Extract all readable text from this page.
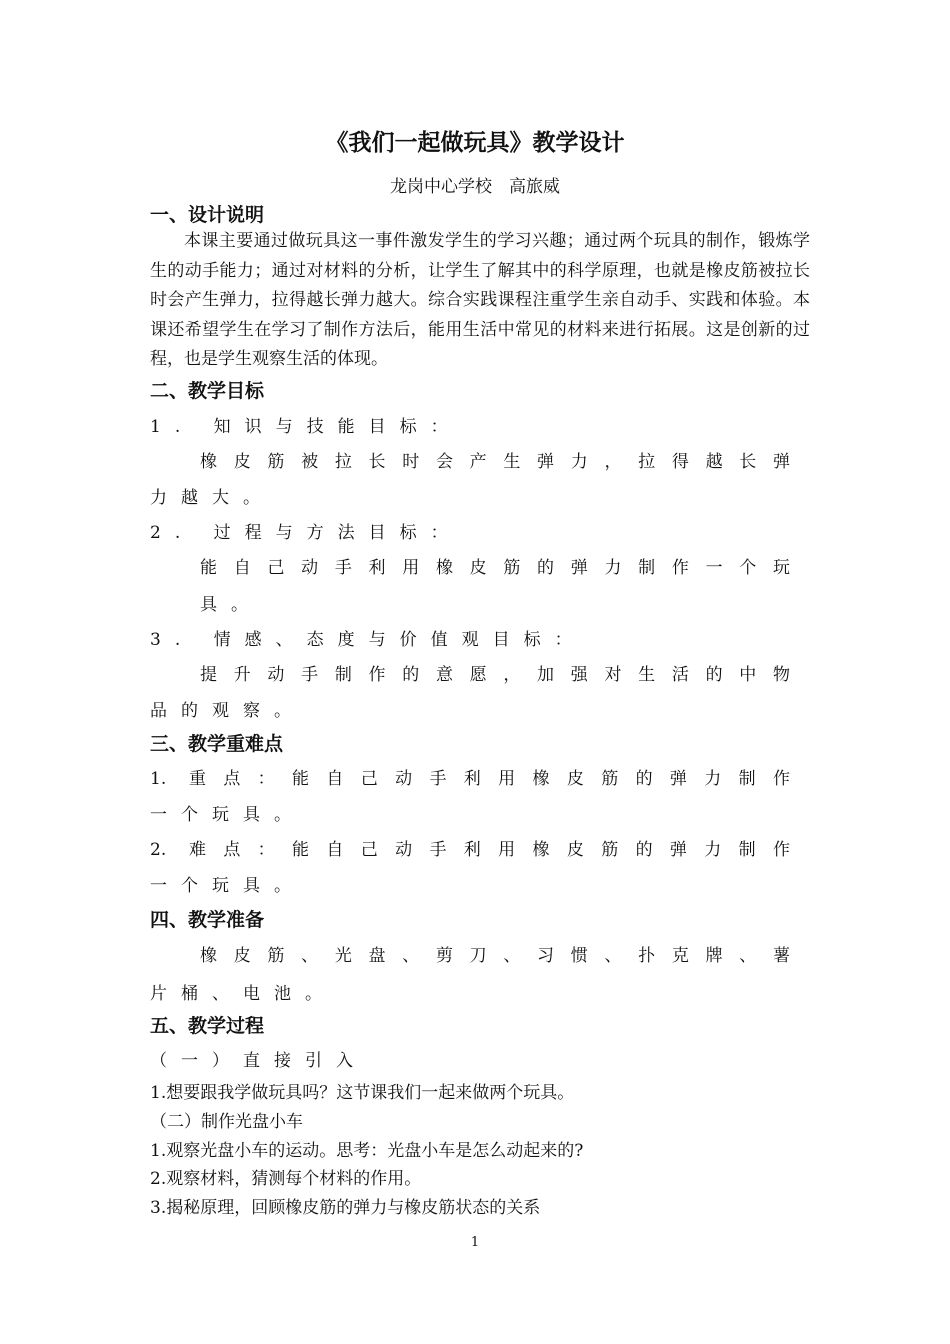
《我们一起做玩具》教学设计
龙岗中心学校　高旅威
一、设计说明
本课主要通过做玩具这一事件激发学生的学习兴趣；通过两个玩具的制作，锻炼学生的动手能力；通过对材料的分析，让学生了解其中的科学原理，也就是橡皮筋被拉长时会产生弹力，拉得越长弹力越大。综合实践课程注重学生亲自动手、实践和体验。本课还希望学生在学习了制作方法后，能用生活中常见的材料来进行拓展。这是创新的过程，也是学生观察生活的体现。
二、教学目标
1. 知识与技能目标：
橡皮筋被拉长时会产生弹力，拉得越长弹
力越大。
2. 过程与方法目标：
能自己动手利用橡皮筋的弹力制作一个玩
具。
3. 情感、态度与价值观目标：
提升动手制作的意愿，加强对生活的中物
品的观察。
三、教学重难点
1. 重点：能自己动手利用橡皮筋的弹力制作
一个玩具。
2. 难点：能自己动手利用橡皮筋的弹力制作
一个玩具。
四、教学准备
橡皮筋、光盘、剪刀、习惯、扑克牌、薯
片桶、电池。
五、教学过程
（一）直接引入
1.想要跟我学做玩具吗？这节课我们一起来做两个玩具。
（二）制作光盘小车
1.观察光盘小车的运动。思考：光盘小车是怎么动起来的?
2.观察材料，猜测每个材料的作用。
3.揭秘原理，回顾橡皮筋的弹力与橡皮筋状态的关系
1
